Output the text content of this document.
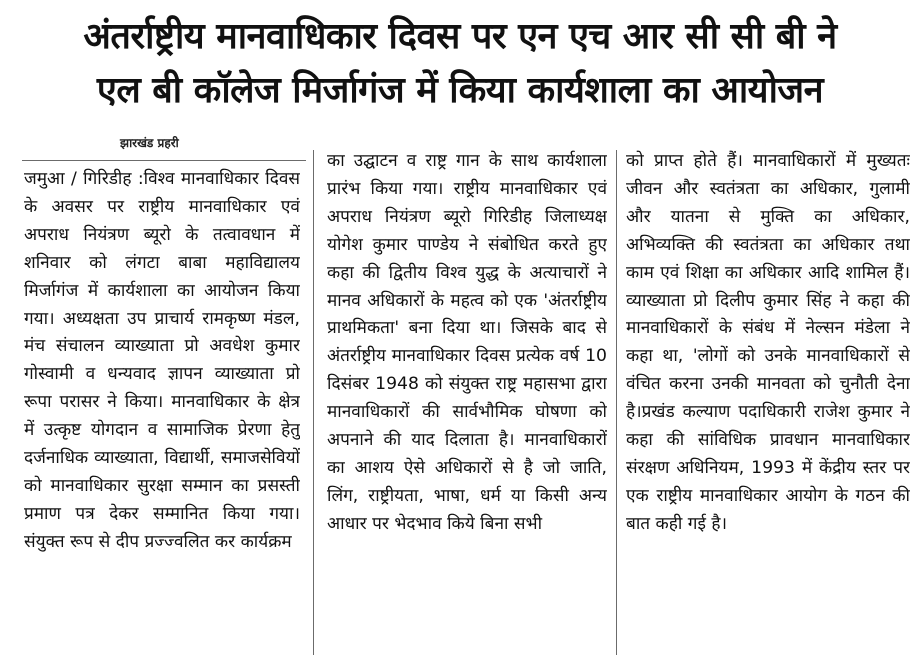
अंतर्राष्ट्रीय मानवाधिकार दिवस पर एन एच आर सी सी बी ने
एल बी कॉलेज मिर्जागंज में किया कार्यशाला का आयोजन
झारखंड प्रहरी
जमुआ / गिरिडीह :विश्व मानवाधिकार दिवस के अवसर पर राष्ट्रीय मानवाधिकार एवं अपराध नियंत्रण ब्यूरो के तत्वावधान में शनिवार को लंगटा बाबा महाविद्यालय मिर्जागंज में कार्यशाला का आयोजन किया गया। अध्यक्षता उप प्राचार्य रामकृष्ण मंडल, मंच संचालन व्याख्याता प्रो अवधेश कुमार गोस्वामी व धन्यवाद ज्ञापन व्याख्याता प्रो रूपा परासर ने किया। मानवाधिकार के क्षेत्र में उत्कृष्ट योगदान व सामाजिक प्रेरणा हेतु दर्जनाधिक व्याख्याता, विद्यार्थी, समाजसेवियों को मानवाधिकार सुरक्षा सम्मान का प्रसस्ती प्रमाण पत्र देकर सम्मानित किया गया। संयुक्त रूप से दीप प्रज्ज्वलित कर कार्यक्रम
का उद्घाटन व राष्ट्र गान के साथ कार्यशाला प्रारंभ किया गया। राष्ट्रीय मानवाधिकार एवं अपराध नियंत्रण ब्यूरो गिरिडीह जिलाध्यक्ष योगेश कुमार पाण्डेय ने संबोधित करते हुए कहा की द्वितीय विश्व युद्ध के अत्याचारों ने मानव अधिकारों के महत्व को एक 'अंतर्राष्ट्रीय प्राथमिकता' बना दिया था। जिसके बाद से अंतर्राष्ट्रीय मानवाधिकार दिवस प्रत्येक वर्ष 10 दिसंबर 1948 को संयुक्त राष्ट्र महासभा द्वारा मानवाधिकारों की सार्वभौमिक घोषणा को अपनाने की याद दिलाता है। मानवाधिकारों का आशय ऐसे अधिकारों से है जो जाति, लिंग, राष्ट्रीयता, भाषा, धर्म या किसी अन्य आधार पर भेदभाव किये बिना सभी
को प्राप्त होते हैं। मानवाधिकारों में मुख्यतः जीवन और स्वतंत्रता का अधिकार, गुलामी और यातना से मुक्ति का अधिकार, अभिव्यक्ति की स्वतंत्रता का अधिकार तथा काम एवं शिक्षा का अधिकार आदि शामिल हैं। व्याख्याता प्रो दिलीप कुमार सिंह ने कहा की मानवाधिकारों के संबंध में नेल्सन मंडेला ने कहा था, 'लोगों को उनके मानवाधिकारों से वंचित करना उनकी मानवता को चुनौती देना है।प्रखंड कल्याण पदाधिकारी राजेश कुमार ने कहा की सांविधिक प्रावधान मानवाधिकार संरक्षण अधिनियम, 1993 में केंद्रीय स्तर पर एक राष्ट्रीय मानवाधिकार आयोग के गठन की बात कही गई है।
